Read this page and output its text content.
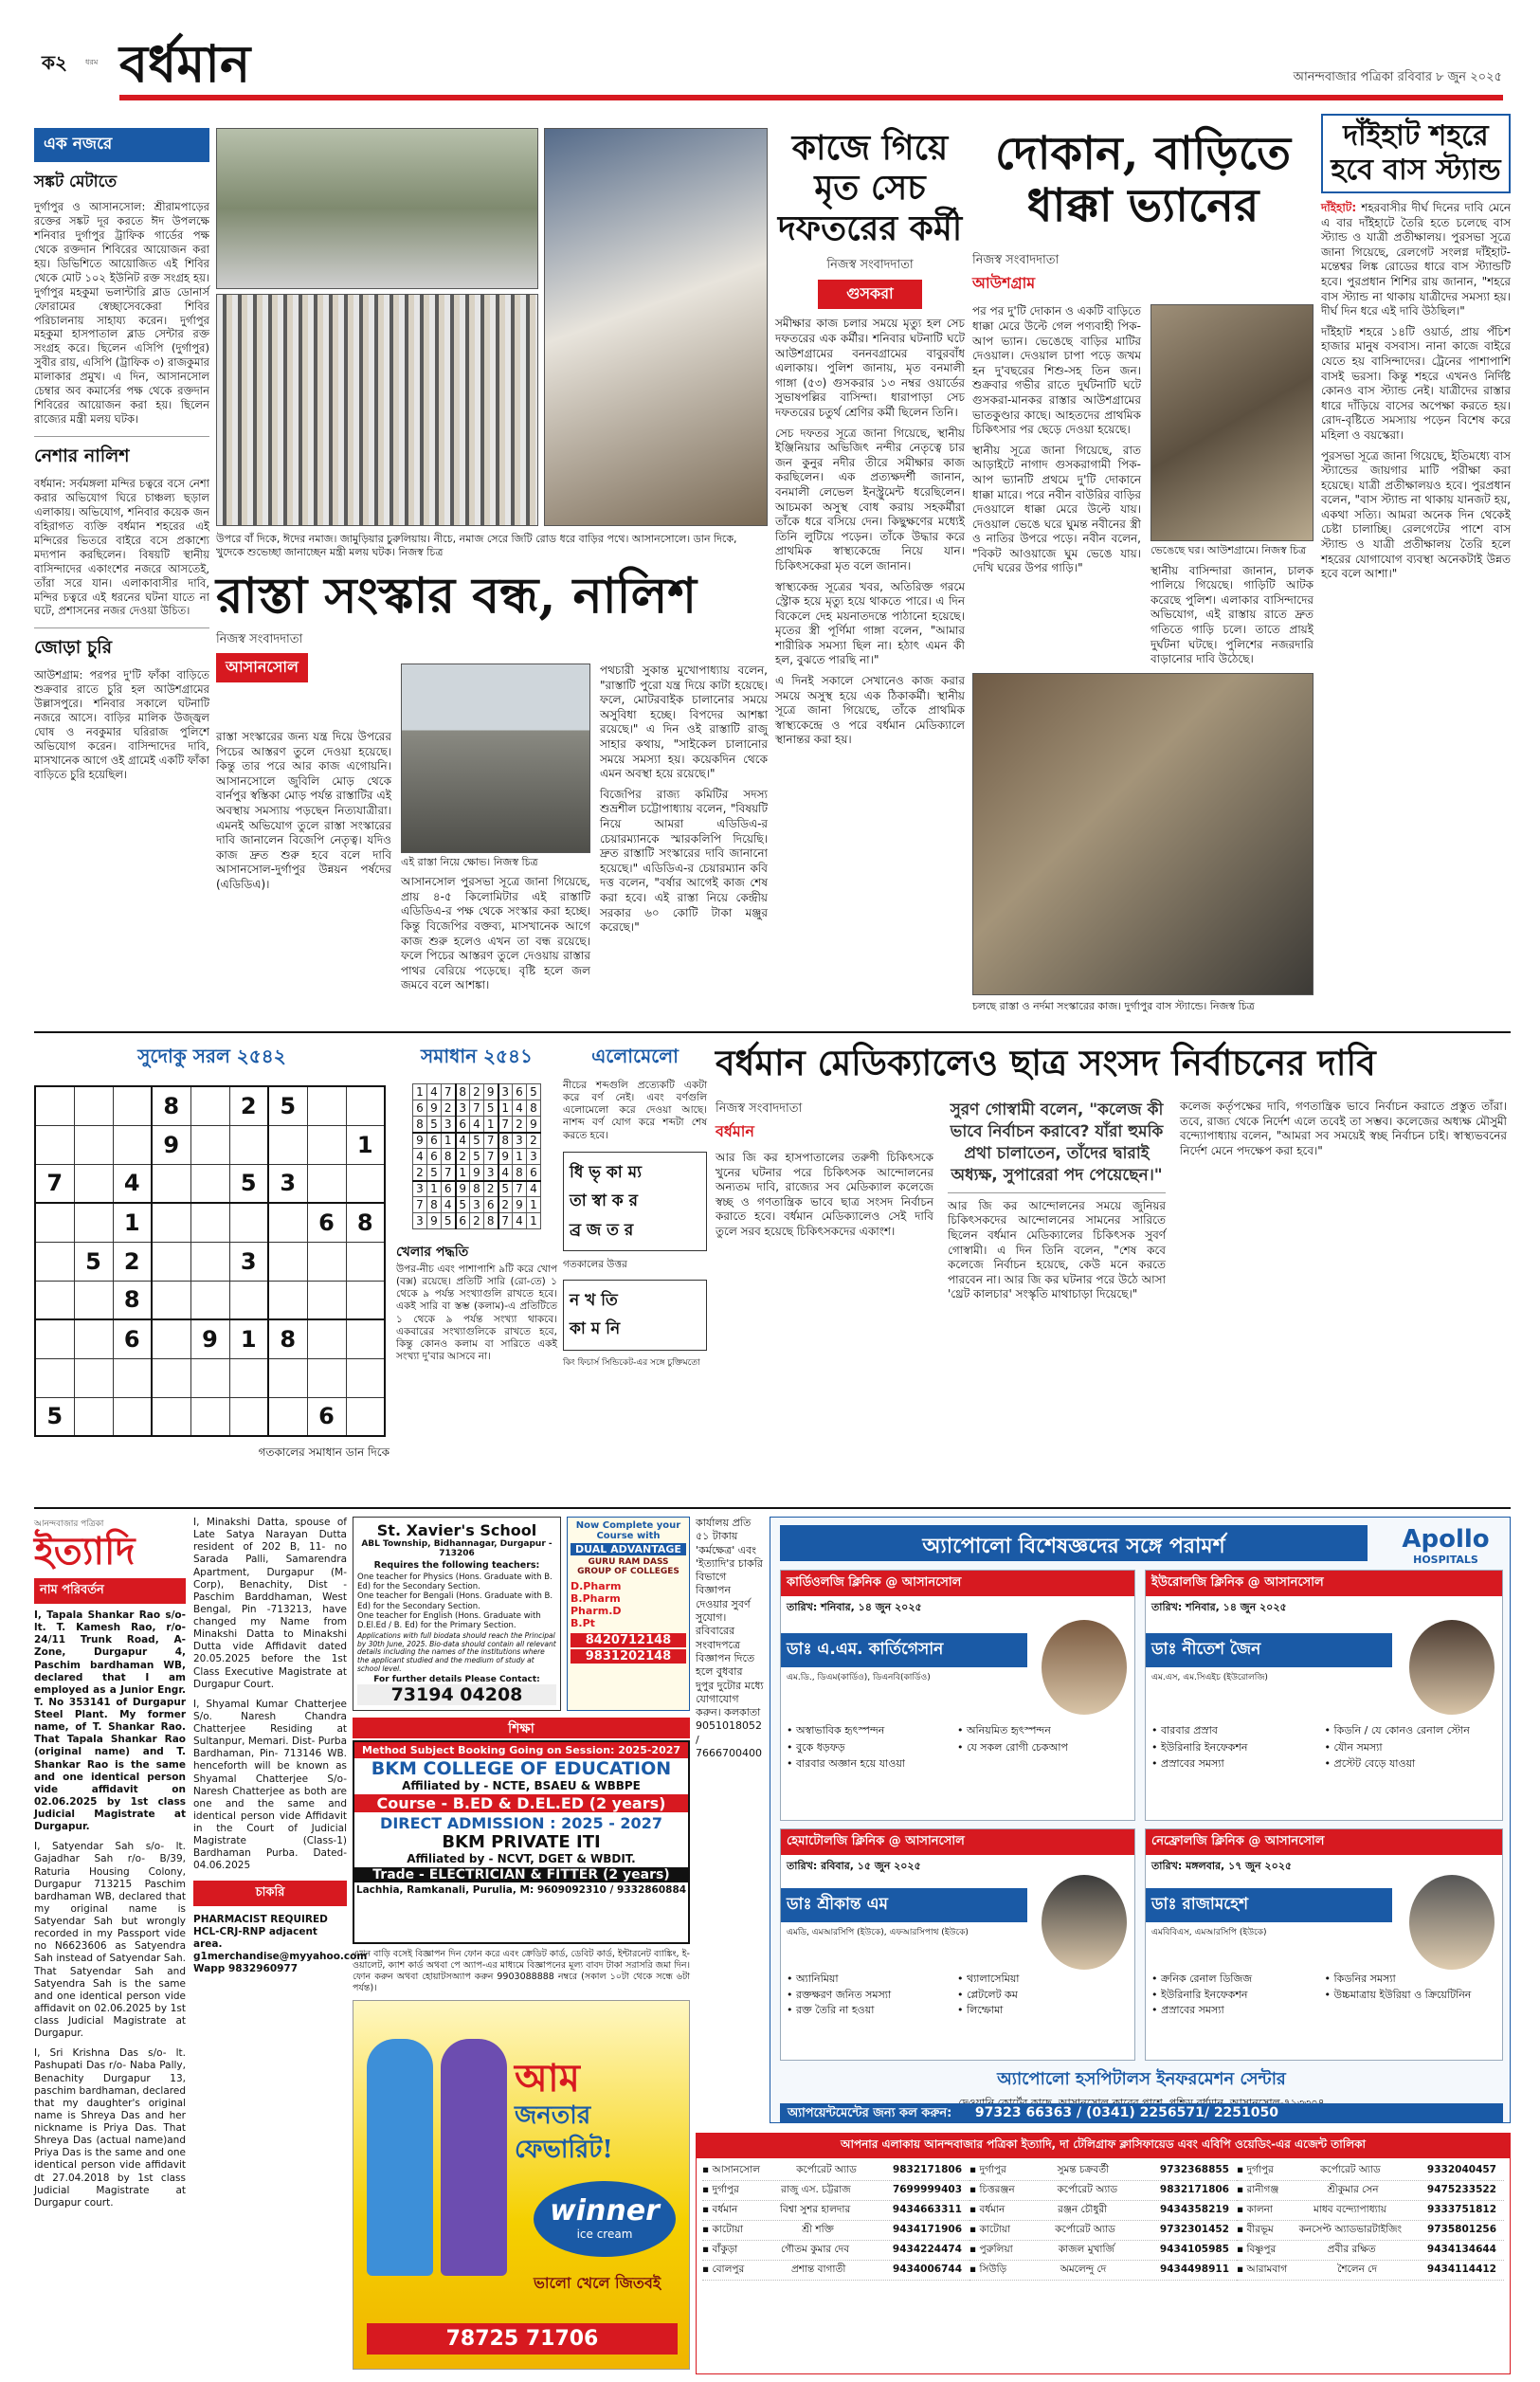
ক২ ধরম বর্ধমান	আনন্দবাজার পত্রিকা রবিবার ৮ জুন ২০২৫
এক নজরে
সঙ্কট মেটাতে
দুর্গাপুর ও আসানসোল: শ্রীরামপাড়ের রক্তের সঙ্কট দূর করতে ঈদ উপলক্ষে শনিবার দুর্গাপুর ট্রাফিক গার্ডের পক্ষ থেকে রক্তদান শিবিরের আয়োজন করা হয়। ডিভিশিতে আয়োজিত এই শিবির থেকে মোট ১০২ ইউনিট রক্ত সংগ্রহ হয়। দুর্গাপুর মহকুমা ভলান্টারি ব্লাড ডোনার্স ফোরামের স্বেচ্ছাসেবকেরা শিবির পরিচালনায় সাহায্য করেন। দুর্গাপুর মহকুমা হাসপাতাল ব্লাড সেন্টার রক্ত সংগ্রহ করে। ছিলেন এসিপি (দুর্গাপুর) সুবীর রায়, এসিপি (ট্রাফিক ৩) রাজকুমার মালাকার প্রমুখ। এ দিন, আসানসোল চেম্বার অব কমার্সের পক্ষ থেকে রক্তদান শিবিরের আয়োজন করা হয়। ছিলেন রাজ্যের মন্ত্রী মলয় ঘটক।
নেশার নালিশ
বর্ধমান: সর্বমঙ্গলা মন্দির চত্বরে বসে নেশা করার অভিযোগ ঘিরে চাঞ্চল্য ছড়াল এলাকায়। অভিযোগ, শনিবার কয়েক জন বহিরাগত ব্যক্তি বর্ধমান শহরের এই মন্দিরের ভিতরে বাইরে বসে প্রকাশ্যে মদ্যপান করছিলেন। বিষয়টি স্থানীয় বাসিন্দাদের একাংশের নজরে আসতেই, তাঁরা সরে যান। এলাকাবাসীর দাবি, মন্দির চত্বরে এই ধরনের ঘটনা যাতে না ঘটে, প্রশাসনের নজর দেওয়া উচিত।
জোড়া চুরি
আউশগ্রাম: পরপর দু'টি ফাঁকা বাড়িতে শুক্রবার রাতে চুরি হল আউশগ্রামের উল্লাসপুরে। শনিবার সকালে ঘটনাটি নজরে আসে। বাড়ির মালিক উজ্জ্বল ঘোষ ও নবকুমার ঘরিরাজ পুলিশে অভিযোগ করেন। বাসিন্দাদের দাবি, মাসখানেক আগে ওই গ্রামেই একটি ফাঁকা বাড়িতে চুরি হয়েছিল।
উপরে বাঁ দিকে, ঈদের নমাজ। জামুড়িয়ার চুরুলিয়ায়। নীচে, নমাজ সেরে জিটি রোড ধরে বাড়ির পথে। আসানসোলে। ডান দিকে, খুদেকে শুভেচ্ছা জানাচ্ছেন মন্ত্রী মলয় ঘটক। নিজস্ব চিত্র
কাজে গিয়ে মৃত সেচ দফতরের কর্মী
নিজস্ব সংবাদদাতা
গুসকরা
সমীক্ষার কাজ চলার সময়ে মৃত্যু হল সেচ দফতরের এক কর্মীর। শনিবার ঘটনাটি ঘটে আউশগ্রামের বননবগ্রামের বাবুরবাঁধ এলাকায়। পুলিশ জানায়, মৃত বনমালী গাঙ্গা (৫৩) গুসকরার ১৩ নম্বর ওয়ার্ডের সুভাষপল্লির বাসিন্দা। ধারাপাড়া সেচ দফতরের চতুর্থ শ্রেণির কর্মী ছিলেন তিনি।
সেচ দফতর সূত্রে জানা গিয়েছে, স্থানীয় ইঞ্জিনিয়ার অভিজিৎ নন্দীর নেতৃত্বে চার জন কুনুর নদীর তীরে সমীক্ষার কাজ করছিলেন। এক প্রত্যক্ষদর্শী জানান, বনমালী লেভেল ইনস্ট্রুমেন্ট ধরেছিলেন। আচমকা অসুস্থ বোধ করায় সহকর্মীরা তাঁকে ধরে বসিয়ে দেন। কিছুক্ষণের মধ্যেই তিনি লুটিয়ে পড়েন। তাঁকে উদ্ধার করে প্রাথমিক স্বাস্থ্যকেন্দ্রে নিয়ে যান। চিকিৎসকেরা মৃত বলে জানান।
স্বাস্থ্যকেন্দ্র সূত্রের খবর, অতিরিক্ত গরমে স্ট্রোক হয়ে মৃত্যু হয়ে থাকতে পারে। এ দিন বিকেলে দেহ ময়নাতদন্তে পাঠানো হয়েছে। মৃতের স্ত্রী পূর্ণিমা গাঙ্গা বলেন, "আমার শারীরিক সমস্যা ছিল না। হঠাৎ এমন কী হল, বুঝতে পারছি না।"
এ দিনই সকালে সেখানেও কাজ করার সময়ে অসুস্থ হয়ে এক ঠিকাকর্মী। স্থানীয় সূত্রে জানা গিয়েছে, তাঁকে প্রাথমিক স্বাস্থ্যকেন্দ্রে ও পরে বর্ধমান মেডিক্যালে স্থানান্তর করা হয়।
দোকান, বাড়িতে ধাক্কা ভ্যানের
নিজস্ব সংবাদদাতা
আউশগ্রাম
পর পর দু'টি দোকান ও একটি বাড়িতে ধাক্কা মেরে উল্টে গেল পণ্যবাহী পিক-আপ ভ্যান। ভেঙেছে বাড়ির মাটির দেওয়াল। দেওয়াল চাপা পড়ে জখম হন দু'বছরের শিশু-সহ তিন জন। শুক্রবার গভীর রাতে দুর্ঘটনাটি ঘটে গুসকরা-মানকর রাস্তার আউশগ্রামের ভাতকুণ্ডার কাছে। আহতদের প্রাথমিক চিকিৎসার পর ছেড়ে দেওয়া হয়েছে।
স্থানীয় সূত্রে জানা গিয়েছে, রাত আড়াইটে নাগাদ গুসকরাগামী পিক-আপ ভ্যানটি প্রথমে দু'টি দোকানে ধাক্কা মারে। পরে নবীন বাউরির বাড়ির দেওয়ালে ধাক্কা মেরে উল্টে যায়। দেওয়াল ভেঙে ঘরে ঘুমন্ত নবীনের স্ত্রী ও নাতির উপরে পড়ে। নবীন বলেন, "বিকট আওয়াজে ঘুম ভেঙে যায়। দেখি ঘরের উপর গাড়ি।"
ভেঙেছে ঘর। আউশগ্রামে। নিজস্ব চিত্র
স্থানীয় বাসিন্দারা জানান, চালক পালিয়ে গিয়েছে। গাড়িটি আটক করেছে পুলিশ। এলাকার বাসিন্দাদের অভিযোগ, এই রাস্তায় রাতে দ্রুত গতিতে গাড়ি চলে। তাতে প্রায়ই দুর্ঘটনা ঘটছে। পুলিশের নজরদারি বাড়ানোর দাবি উঠেছে।
দাঁইহাট শহরে হবে বাস স্ট্যান্ড
দাঁইহাট: শহরবাসীর দীর্ঘ দিনের দাবি মেনে এ বার দাঁইহাটে তৈরি হতে চলেছে বাস স্ট্যান্ড ও যাত্রী প্রতীক্ষালয়। পুরসভা সূত্রে জানা গিয়েছে, রেলগেট সংলগ্ন দাঁইহাট-মন্তেশ্বর লিঙ্ক রোডের ধারে বাস স্ট্যান্ডটি হবে। পুরপ্রধান শিশির রায় জানান, "শহরে বাস স্ট্যান্ড না থাকায় যাত্রীদের সমস্যা হয়। দীর্ঘ দিন ধরে এই দাবি উঠছিল।"
দাঁইহাট শহরে ১৪টি ওয়ার্ড, প্রায় পঁচিশ হাজার মানুষ বসবাস। নানা কাজে বাইরে যেতে হয় বাসিন্দাদের। ট্রেনের পাশাপাশি বাসই ভরসা। কিন্তু শহরে এখনও নির্দিষ্ট কোনও বাস স্ট্যান্ড নেই। যাত্রীদের রাস্তার ধারে দাঁড়িয়ে বাসের অপেক্ষা করতে হয়। রোদ-বৃষ্টিতে সমস্যায় পড়েন বিশেষ করে মহিলা ও বয়স্কেরা।
পুরসভা সূত্রে জানা গিয়েছে, ইতিমধ্যে বাস স্ট্যান্ডের জায়গার মাটি পরীক্ষা করা হয়েছে। যাত্রী প্রতীক্ষালয়ও হবে। পুরপ্রধান বলেন, "বাস স্ট্যান্ড না থাকায় যানজট হয়, একথা সত্যি। আমরা অনেক দিন থেকেই চেষ্টা চালাচ্ছি। রেলগেটের পাশে বাস স্ট্যান্ড ও যাত্রী প্রতীক্ষালয় তৈরি হলে শহরের যোগাযোগ ব্যবস্থা অনেকটাই উন্নত হবে বলে আশা।"
রাস্তা সংস্কার বন্ধ, নালিশ
নিজস্ব সংবাদদাতা
আসানসোল
রাস্তা সংস্কারের জন্য যন্ত্র দিয়ে উপরের পিচের আস্তরণ তুলে দেওয়া হয়েছে। কিন্তু তার পরে আর কাজ এগোয়নি। আসানসোলে জুবিলি মোড় থেকে বার্নপুর স্বস্তিকা মোড় পর্যন্ত রাস্তাটির এই অবস্থায় সমস্যায় পড়ছেন নিত্যযাত্রীরা। এমনই অভিযোগ তুলে রাস্তা সংস্কারের দাবি জানালেন বিজেপি নেতৃত্ব। যদিও কাজ দ্রুত শুরু হবে বলে দাবি আসানসোল-দুর্গাপুর উন্নয়ন পর্ষদের (এডিডিএ)।
এই রাস্তা নিয়ে ক্ষোভ। নিজস্ব চিত্র
আসানসোল পুরসভা সূত্রে জানা গিয়েছে, প্রায় ৪-৫ কিলোমিটার এই রাস্তাটি এডিডিএ-র পক্ষ থেকে সংস্কার করা হচ্ছে। কিন্তু বিজেপির বক্তব্য, মাসখানেক আগে কাজ শুরু হলেও এখন তা বন্ধ রয়েছে। ফলে পিচের আস্তরণ তুলে দেওয়ায় রাস্তার পাথর বেরিয়ে পড়েছে। বৃষ্টি হলে জল জমবে বলে আশঙ্কা।
পথচারী সুকান্ত মুখোপাধ্যায় বলেন, "রাস্তাটি পুরো যন্ত্র দিয়ে কাটা হয়েছে। ফলে, মোটরবাইক চালানোর সময়ে অসুবিধা হচ্ছে। বিপদের আশঙ্কা রয়েছে।" এ দিন ওই রাস্তাটি রাজু সাহার কথায়, "সাইকেল চালানোর সময়ে সমস্যা হয়। কয়েকদিন থেকে এমন অবস্থা হয়ে রয়েছে।"
বিজেপির রাজ্য কমিটির সদস্য শুভ্রশীল চট্টোপাধ্যায় বলেন, "বিষয়টি নিয়ে আমরা এডিডিএ-র চেয়ারম্যানকে স্মারকলিপি দিয়েছি। দ্রুত রাস্তাটি সংস্কারের দাবি জানানো হয়েছে।" এডিডিএ-র চেয়ারম্যান কবি দত্ত বলেন, "বর্ষার আগেই কাজ শেষ করা হবে। এই রাস্তা নিয়ে কেন্দ্রীয় সরকার ৬০ কোটি টাকা মঞ্জুর করেছে।"
চলছে রাস্তা ও নর্দমা সংস্কারের কাজ। দুর্গাপুর বাস স্ট্যান্ডে। নিজস্ব চিত্র
সুদোকু সরল ২৫৪২
			8		2	5		
			9					1
7		4			5	3		
		1					6	8
	5	2			3			
		8						
		6		9	1	8		

5							6	
গতকালের সমাধান ডান দিকে
সমাধান ২৫৪১
1	4	7	8	2	9	3	6	5
6	9	2	3	7	5	1	4	8
8	5	3	6	4	1	7	2	9
9	6	1	4	5	7	8	3	2
4	6	8	2	5	7	9	1	3
2	5	7	1	9	3	4	8	6
3	1	6	9	8	2	5	7	4
7	8	4	5	3	6	2	9	1
3	9	5	6	2	8	7	4	1
খেলার পদ্ধতি
উপর-নীচ এবং পাশাপাশি ৯টি করে খোপ (বক্স) রয়েছে। প্রতিটি সারি (রো-তে) ১ থেকে ৯ পর্যন্ত সংখ্যাগুলি রাখতে হবে। একই সারি বা স্তম্ভ (কলাম)-এ প্রতিটিতে ১ থেকে ৯ পর্যন্ত সংখ্যা থাকবে। একবারের সংখ্যাগুলিকে রাখতে হবে, কিন্তু কোনও কলাম বা সারিতে একই সংখ্যা দু'বার আসবে না।
এলোমেলো
নীচের শব্দগুলি প্রত্যেকটি একটা করে বর্ণ নেই। এবং বর্ণগুলি এলোমেলো করে দেওয়া আছে। নাশব্দ বর্ণ যোগ করে শব্দটা শেষ করতে হবে।
ধি ভৃ কা ম্য
তা স্বা ক র
ব্র জ ত র
গতকালের উত্তর
ন খ তি
কা ম নি
কিং ফিচার্স সিন্ডিকেট-এর সঙ্গে চুক্তিমতো
বর্ধমান মেডিক্যালেও ছাত্র সংসদ নির্বাচনের দাবি
নিজস্ব সংবাদদাতা
বর্ধমান
আর জি কর হাসপাতালের তরুণী চিকিৎসকে খুনের ঘটনার পরে চিকিৎসক আন্দোলনের অন্যতম দাবি, রাজ্যের সব মেডিক্যাল কলেজে স্বচ্ছ ও গণতান্ত্রিক ভাবে ছাত্র সংসদ নির্বাচন করাতে হবে। বর্ধমান মেডিক্যালেও সেই দাবি তুলে সরব হয়েছে চিকিৎসকদের একাংশ।
সুরণ গোস্বামী বলেন, "কলেজ কী ভাবে নির্বাচন করাবে? যাঁরা হুমকি প্রথা চালাতেন, তাঁদের দ্বারাই অধ্যক্ষ, সুপারেরা পদ পেয়েছেন।"
আর জি কর আন্দোলনের সময়ে জুনিয়র চিকিৎসকদের আন্দোলনের সামনের সারিতে ছিলেন বর্ধমান মেডিক্যালের চিকিৎসক সুবর্ণ গোস্বামী। এ দিন তিনি বলেন, "শেষ কবে কলেজে নির্বাচন হয়েছে, কেউ মনে করতে পারবেন না। আর জি কর ঘটনার পরে উঠে আসা 'থ্রেট কালচার' সংস্কৃতি মাথাচাড়া দিয়েছে।"
কলেজ কর্তৃপক্ষের দাবি, গণতান্ত্রিক ভাবে নির্বাচন করাতে প্রস্তুত তাঁরা। তবে, রাজ্য থেকে নির্দেশ এলে তবেই তা সম্ভব। কলেজের অধ্যক্ষ মৌসুমী বন্দ্যোপাধ্যায় বলেন, "আমরা সব সময়েই স্বচ্ছ নির্বাচন চাই। স্বাস্থ্যভবনের নির্দেশ মেনে পদক্ষেপ করা হবে।"
আনন্দবাজার পত্রিকা
ইত্যাদি
নাম পরিবর্তন
I, Tapala Shankar Rao s/o- lt. T. Kamesh Rao, r/o- 24/11 Trunk Road, A- Zone, Durgapur 4, Paschim bardhaman WB, declared that I am employed as a Junior Engr. T. No 353141 of Durgapur Steel Plant. My former name, of T. Shankar Rao. That Tapala Shankar Rao (original name) and T. Shankar Rao is the same and one identical person vide affidavit on 02.06.2025 by 1st class Judicial Magistrate at Durgapur.
I, Satyendar Sah s/o- lt. Gajadhar Sah r/o- B/39, Raturia Housing Colony, Durgapur 713215 Paschim bardhaman WB, declared that my original name is Satyendar Sah but wrongly recorded in my Passport vide no N6623606 as Satyendra Sah instead of Satyendar Sah. That Satyendar Sah and Satyendra Sah is the same and one identical person vide affidavit on 02.06.2025 by 1st class Judicial Magistrate at Durgapur.
I, Sri Krishna Das s/o- lt. Pashupati Das r/o- Naba Pally, Benachity Durgapur 13, paschim bardhaman, declared that my daughter's original name is Shreya Das and her nickname is Priya Das. That Shreya Das (actual name)and Priya Das is the same and one identical person vide affidavit dt 27.04.2018 by 1st class Judicial Magistrate at Durgapur court.
I, Minakshi Datta, spouse of Late Satya Narayan Dutta resident of 202 B, 11- no Sarada Palli, Samarendra Apartment, Durgapur (M- Corp), Benachity, Dist - Paschim Barddhaman, West Bengal, Pin -713213, have changed my Name from Minakshi Datta to Minakshi Dutta vide Affidavit dated 20.05.2025 before the 1st Class Executive Magistrate at Durgapur Court.
I, Shyamal Kumar Chatterjee S/o. Naresh Chandra Chatterjee Residing at Sultanpur, Memari. Dist- Purba Bardhaman, Pin- 713146 WB. henceforth will be known as Shyamal Chatterjee S/o- Naresh Chatterjee as both are one and the same and identical person vide Affidavit in the Court of Judicial Magistrate (Class-1) Bardhaman Purba. Dated-04.06.2025
চাকরি
PHARMACIST REQUIRED HCL-CRJ-RNP adjacent area. g1merchandise@myyahoo.com Wapp 9832960977
St. Xavier's School
ABL Township, Bidhannagar, Durgapur - 713206
Requires the following teachers:
One teacher for Physics (Hons. Graduate with B. Ed) for the Secondary Section.
One teacher for Bengali (Hons. Graduate with B. Ed) for the Secondary Section.
One teacher for English (Hons. Graduate with D.El.Ed / B. Ed) for the Primary Section.
Applications with full biodata should reach the Principal by 30th June, 2025. Bio-data should contain all relevant details including the names of the institutions where the applicant studied and the medium of study at school level.
For further details Please Contact:
73194 04208
Now Complete your Course with
DUAL ADVANTAGE
GURU RAM DASS GROUP OF COLLEGES
D.Pharm
B.Pharm
Pharm.D
B.Pt
8420712148
9831202148
শিক্ষা
Method Subject Booking Going on Session: 2025-2027
BKM COLLEGE OF EDUCATION
Affiliated by - NCTE, BSAEU & WBBPE
Course - B.ED & D.EL.ED (2 years)
DIRECT ADMISSION : 2025 - 2027
BKM PRIVATE ITI
Affiliated by - NCVT, DGET & WBDIT.
Trade - ELECTRICIAN & FITTER (2 years)
Lachhia, Ramkanali, Purulia, M: 9609092310 / 9332860884
এখন বাড়ি বসেই বিজ্ঞাপন দিন ফোন করে এবং ক্রেডিট কার্ড, ডেবিট কার্ড, ইন্টারনেট ব্যাঙ্কিং, ই-ওয়ালেট, ক্যাশ কার্ড অথবা পে অ্যাপ-এর মাধ্যমে বিজ্ঞাপনের মূল্য বাবদ টাকা সরাসরি জমা দিন। ফোন করুন অথবা হোয়াটসঅ্যাপ করুন 9903088888 নম্বরে (সকাল ১০টা থেকে সন্ধে ৬টা পর্যন্ত)।
আম
জনতার
ফেভারিট!
winner
ice cream
ভালো খেলে জিতবই
78725 71706
কার্যালয় প্রতি ৫১ টাকায় 'কর্মক্ষেত্র' এবং 'ইত্যাদি'র চাকরি বিভাগে বিজ্ঞাপন দেওয়ার সুবর্ণ সুযোগ। রবিবারের সংবাদপত্রে বিজ্ঞাপন দিতে হলে বুধবার দুপুর দুটোর মধ্যে যোগাযোগ করুন। কলকাতা 9051018052 / 7666700400
অ্যাপোলো বিশেষজ্ঞদের সঙ্গে পরামর্শ	Apollo
HOSPITALS
কার্ডিওলজি ক্লিনিক @ আসানসোল
তারিখ: শনিবার, ১৪ জুন ২০২৫
ডাঃ এ.এম. কার্তিগেসান
এম.ডি., ডিএম(কার্ডিও), ডিএনবি(কার্ডিও)
• অস্বাভাবিক হৃৎস্পন্দন	• অনিয়মিত হৃৎস্পন্দন
• বুকে ধড়ফড়	• যে সকল রোগী চেকআপ
• বারবার অজ্ঞান হয়ে যাওয়া
ইউরোলজি ক্লিনিক @ আসানসোল
তারিখ: শনিবার, ১৪ জুন ২০২৫
ডাঃ নীতেশ জৈন
এম.এস, এম.সিএইচ (ইউরোলজি)
• বারবার প্রস্রাব	• কিডনি / যে কোনও রেনাল স্টোন
• ইউরিনারি ইনফেকশন	• যৌন সমস্যা
• প্রস্রাবের সমস্যা	• প্রস্টেট বেড়ে যাওয়া
হেমাটোলজি ক্লিনিক @ আসানসোল
তারিখ: রবিবার, ১৫ জুন ২০২৫
ডাঃ শ্রীকান্ত এম
এমডি, এমআরসিপি (ইউকে), এফআরসিপাথ (ইউকে)
• অ্যানিমিয়া	• থ্যালাসেমিয়া
• রক্তক্ষরণ জনিত সমস্যা	• প্লেটলেট কম
• রক্ত তৈরি না হওয়া	• লিম্ফোমা
নেফ্রোলজি ক্লিনিক @ আসানসোল
তারিখ: মঙ্গলবার, ১৭ জুন ২০২৫
ডাঃ রাজামহেশ
এমবিবিএস, এমআরসিপি (ইউকে)
• ক্রনিক রেনাল ডিজিজ	• কিডনির সমস্যা
• ইউরিনারি ইনফেকশন	• উচ্চমাত্রায় ইউরিয়া ও ক্রিয়েটিনিন
• প্রস্রাবের সমস্যা
অ্যাপোলো হসপিটালস ইনফরমেশন সেন্টার
অ্যাপয়েন্টমেন্টের জন্য কল করুন: 97323 66363 / (0341) 2256571/ 2251050
আপনার এলাকায় আনন্দবাজার পত্রিকা ইত্যাদি, দা টেলিগ্রাফ ক্লাসিফায়েড এবং এবিপি ওয়েডিং-এর এজেন্ট তালিকা
▪ আসানসোল	কর্পোরেট অ্যাড	9832171806 ▪ দুর্গাপুর	সুমন্ত চক্রবর্তী	9732368855 ▪ দুর্গাপুর	কর্পোরেট অ্যাড	9332040457
▪ দুর্গাপুর	রাজু এস. চট্টরাজ	7699999403 ▪ চিত্তরঞ্জন	কর্পোরেট অ্যাড	9832171806 ▪ রানীগঞ্জ	শ্রীকুমার সেন	9475233522
▪ বর্ধমান	বিশ্বা সুশর হালদার	9434663311 ▪ বর্ধমান	রঞ্জন চৌধুরী	9434358219 ▪ কালনা	মাধব বন্দ্যোপাধ্যায়	9333751812
▪ কাটোয়া	শ্রী শক্তি	9434171906 ▪ কাটোয়া	কর্পোরেট অ্যাড	9732301452 ▪ বীরভূম	কনসেপ্ট অ্যাডভারটাইজিং	9735801256
▪ বাঁকুড়া	গৌতম কুমার দেব	9434224474 ▪ পুরুলিয়া	কাজল মুখার্জি	9434105985 ▪ বিষ্ণুপুর	প্রবীর রক্ষিত	9434134644
▪ বোলপুর	প্রশান্ত বাগাতী	9434006744 ▪ সিউড়ি	অমলেন্দু দে	9434498911 ▪ আরামবাগ	শৈলেন দে	9434114412
